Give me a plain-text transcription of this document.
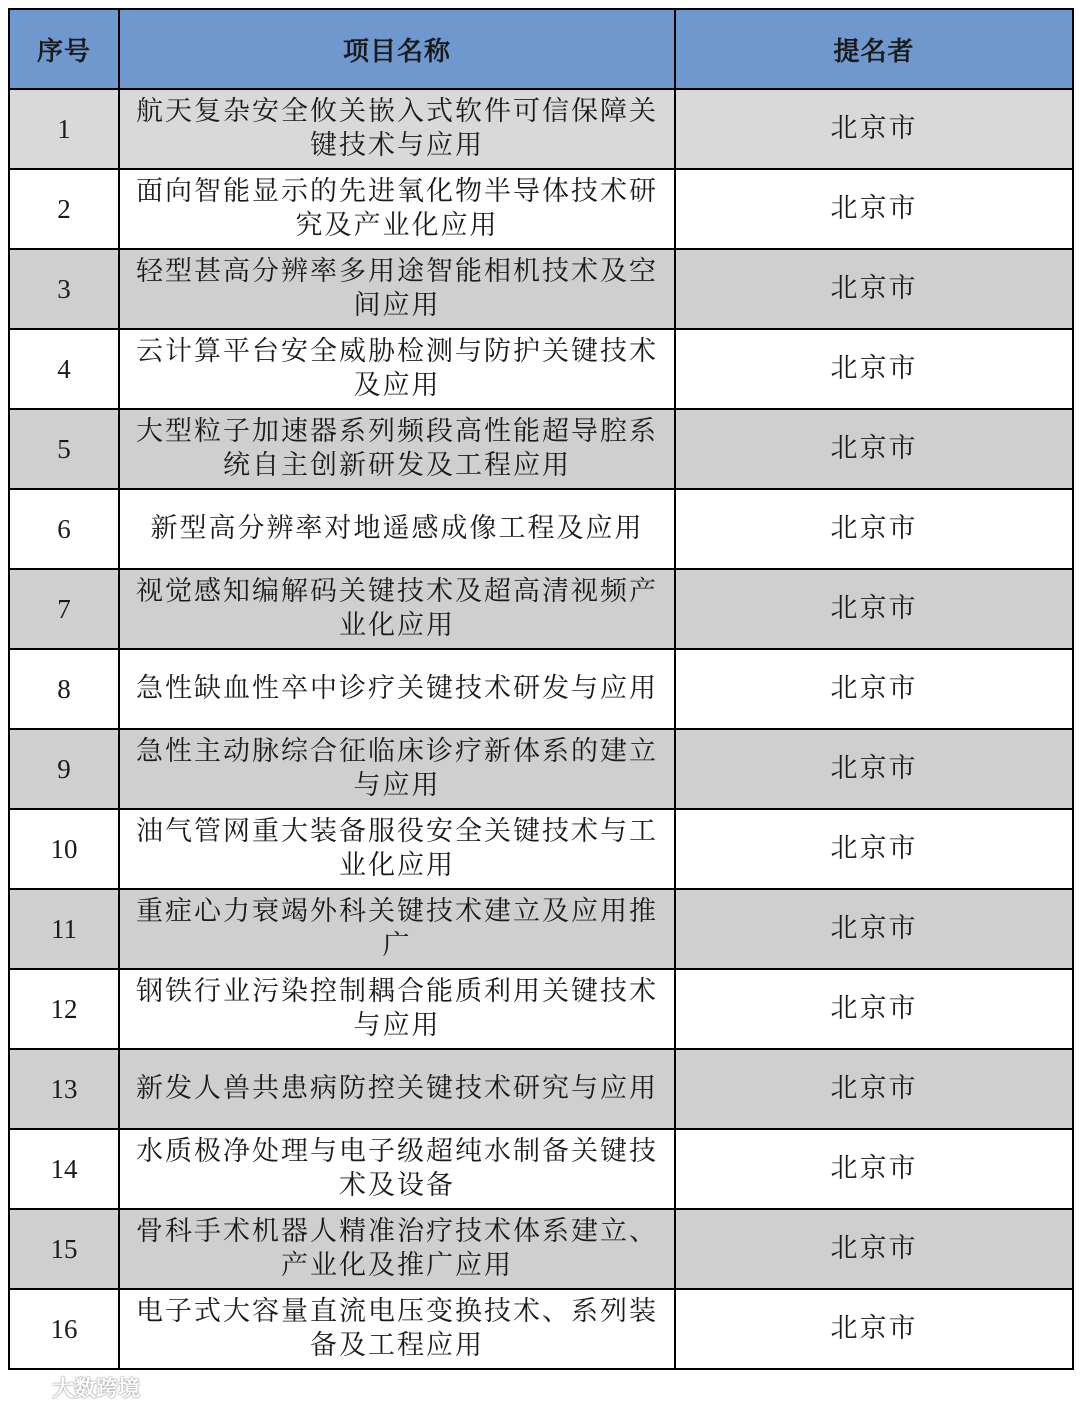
序号	项目名称	提名者
1	航天复杂安全攸关嵌入式软件可信保障关键技术与应用	北京市
2	面向智能显示的先进氧化物半导体技术研究及产业化应用	北京市
3	轻型甚高分辨率多用途智能相机技术及空间应用	北京市
4	云计算平台安全威胁检测与防护关键技术及应用	北京市
5	大型粒子加速器系列频段高性能超导腔系统自主创新研发及工程应用	北京市
6	新型高分辨率对地遥感成像工程及应用	北京市
7	视觉感知编解码关键技术及超高清视频产业化应用	北京市
8	急性缺血性卒中诊疗关键技术研发与应用	北京市
9	急性主动脉综合征临床诊疗新体系的建立与应用	北京市
10	油气管网重大装备服役安全关键技术与工业化应用	北京市
11	重症心力衰竭外科关键技术建立及应用推广	北京市
12	钢铁行业污染控制耦合能质利用关键技术与应用	北京市
13	新发人兽共患病防控关键技术研究与应用	北京市
14	水质极净处理与电子级超纯水制备关键技术及设备	北京市
15	骨科手术机器人精准治疗技术体系建立、产业化及推广应用	北京市
16	电子式大容量直流电压变换技术、系列装备及工程应用	北京市
大数跨境
